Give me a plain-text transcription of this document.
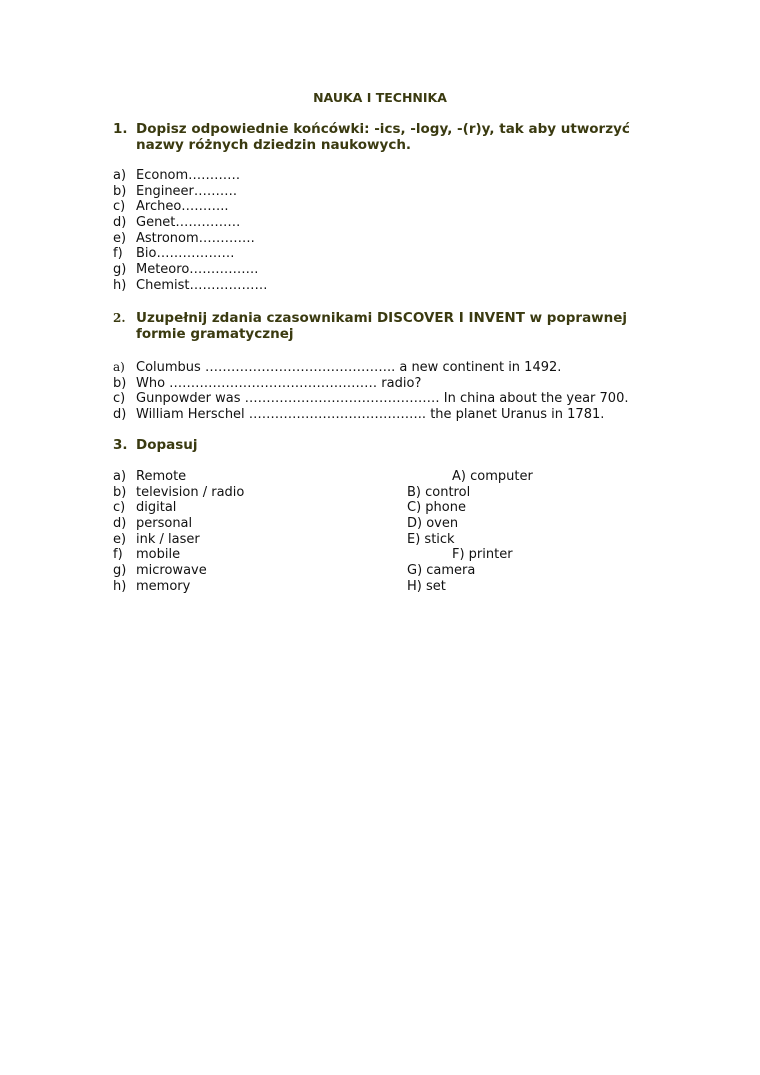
NAUKA I TECHNIKA
1. Dopisz odpowiednie końcówki: -ics, -logy, -(r)y, tak aby utworzyć nazwy różnych dziedzin naukowych.
a) Econom…………
b) Engineer……….
c) Archeo………..
d) Genet……………
e) Astronom………….
f) Bio………………
g) Meteoro…………….
h) Chemist………………
2. Uzupełnij zdania czasownikami DISCOVER I INVENT w poprawnej formie gramatycznej
a) Columbus …………………………………….. a new continent in 1492.
b) Who ………………………………………… radio?
c) Gunpowder was ……………………………………… In china about the year 700.
d) William Herschel ………………………………….. the planet Uranus in 1781.
3. Dopasuj
a) Remote
b) television / radio
c) digital
d) personal
e) ink / laser
f) mobile
g) microwave
h) memory
A) computer
B) control
C) phone
D) oven
E) stick
F) printer
G) camera
H) set
